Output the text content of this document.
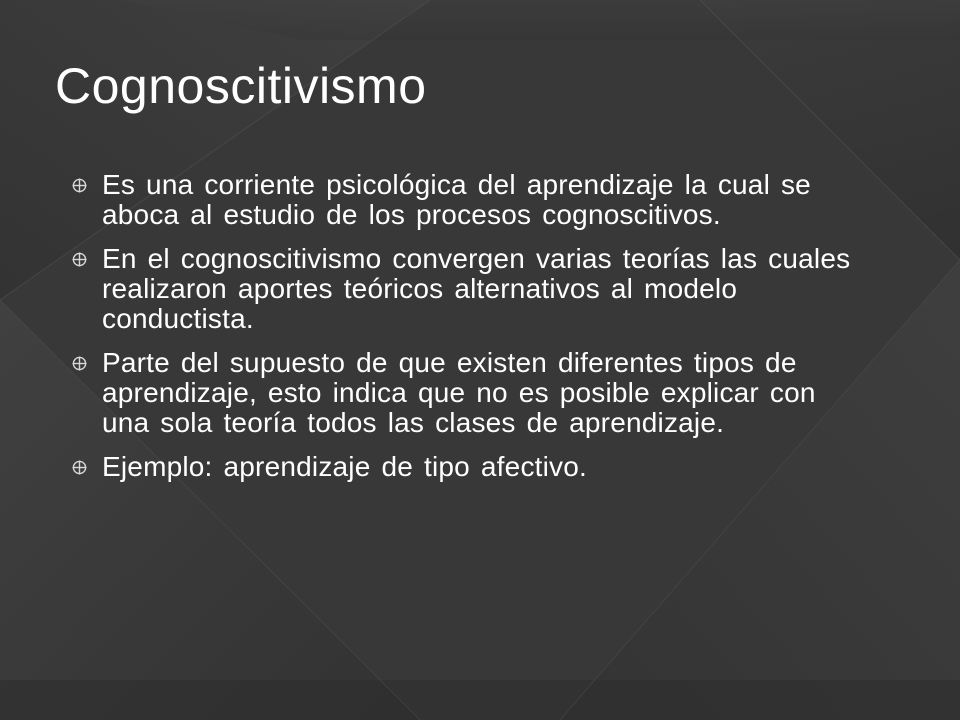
Cognoscitivismo
Es una corriente psicológica del aprendizaje la cual se aboca al estudio de los procesos cognoscitivos.
En el cognoscitivismo convergen varias teorías las cuales realizaron aportes teóricos alternativos al modelo conductista.
Parte del supuesto de que existen diferentes tipos de aprendizaje, esto indica que no es posible explicar con una sola teoría todos las clases de aprendizaje.
Ejemplo: aprendizaje de tipo afectivo.
